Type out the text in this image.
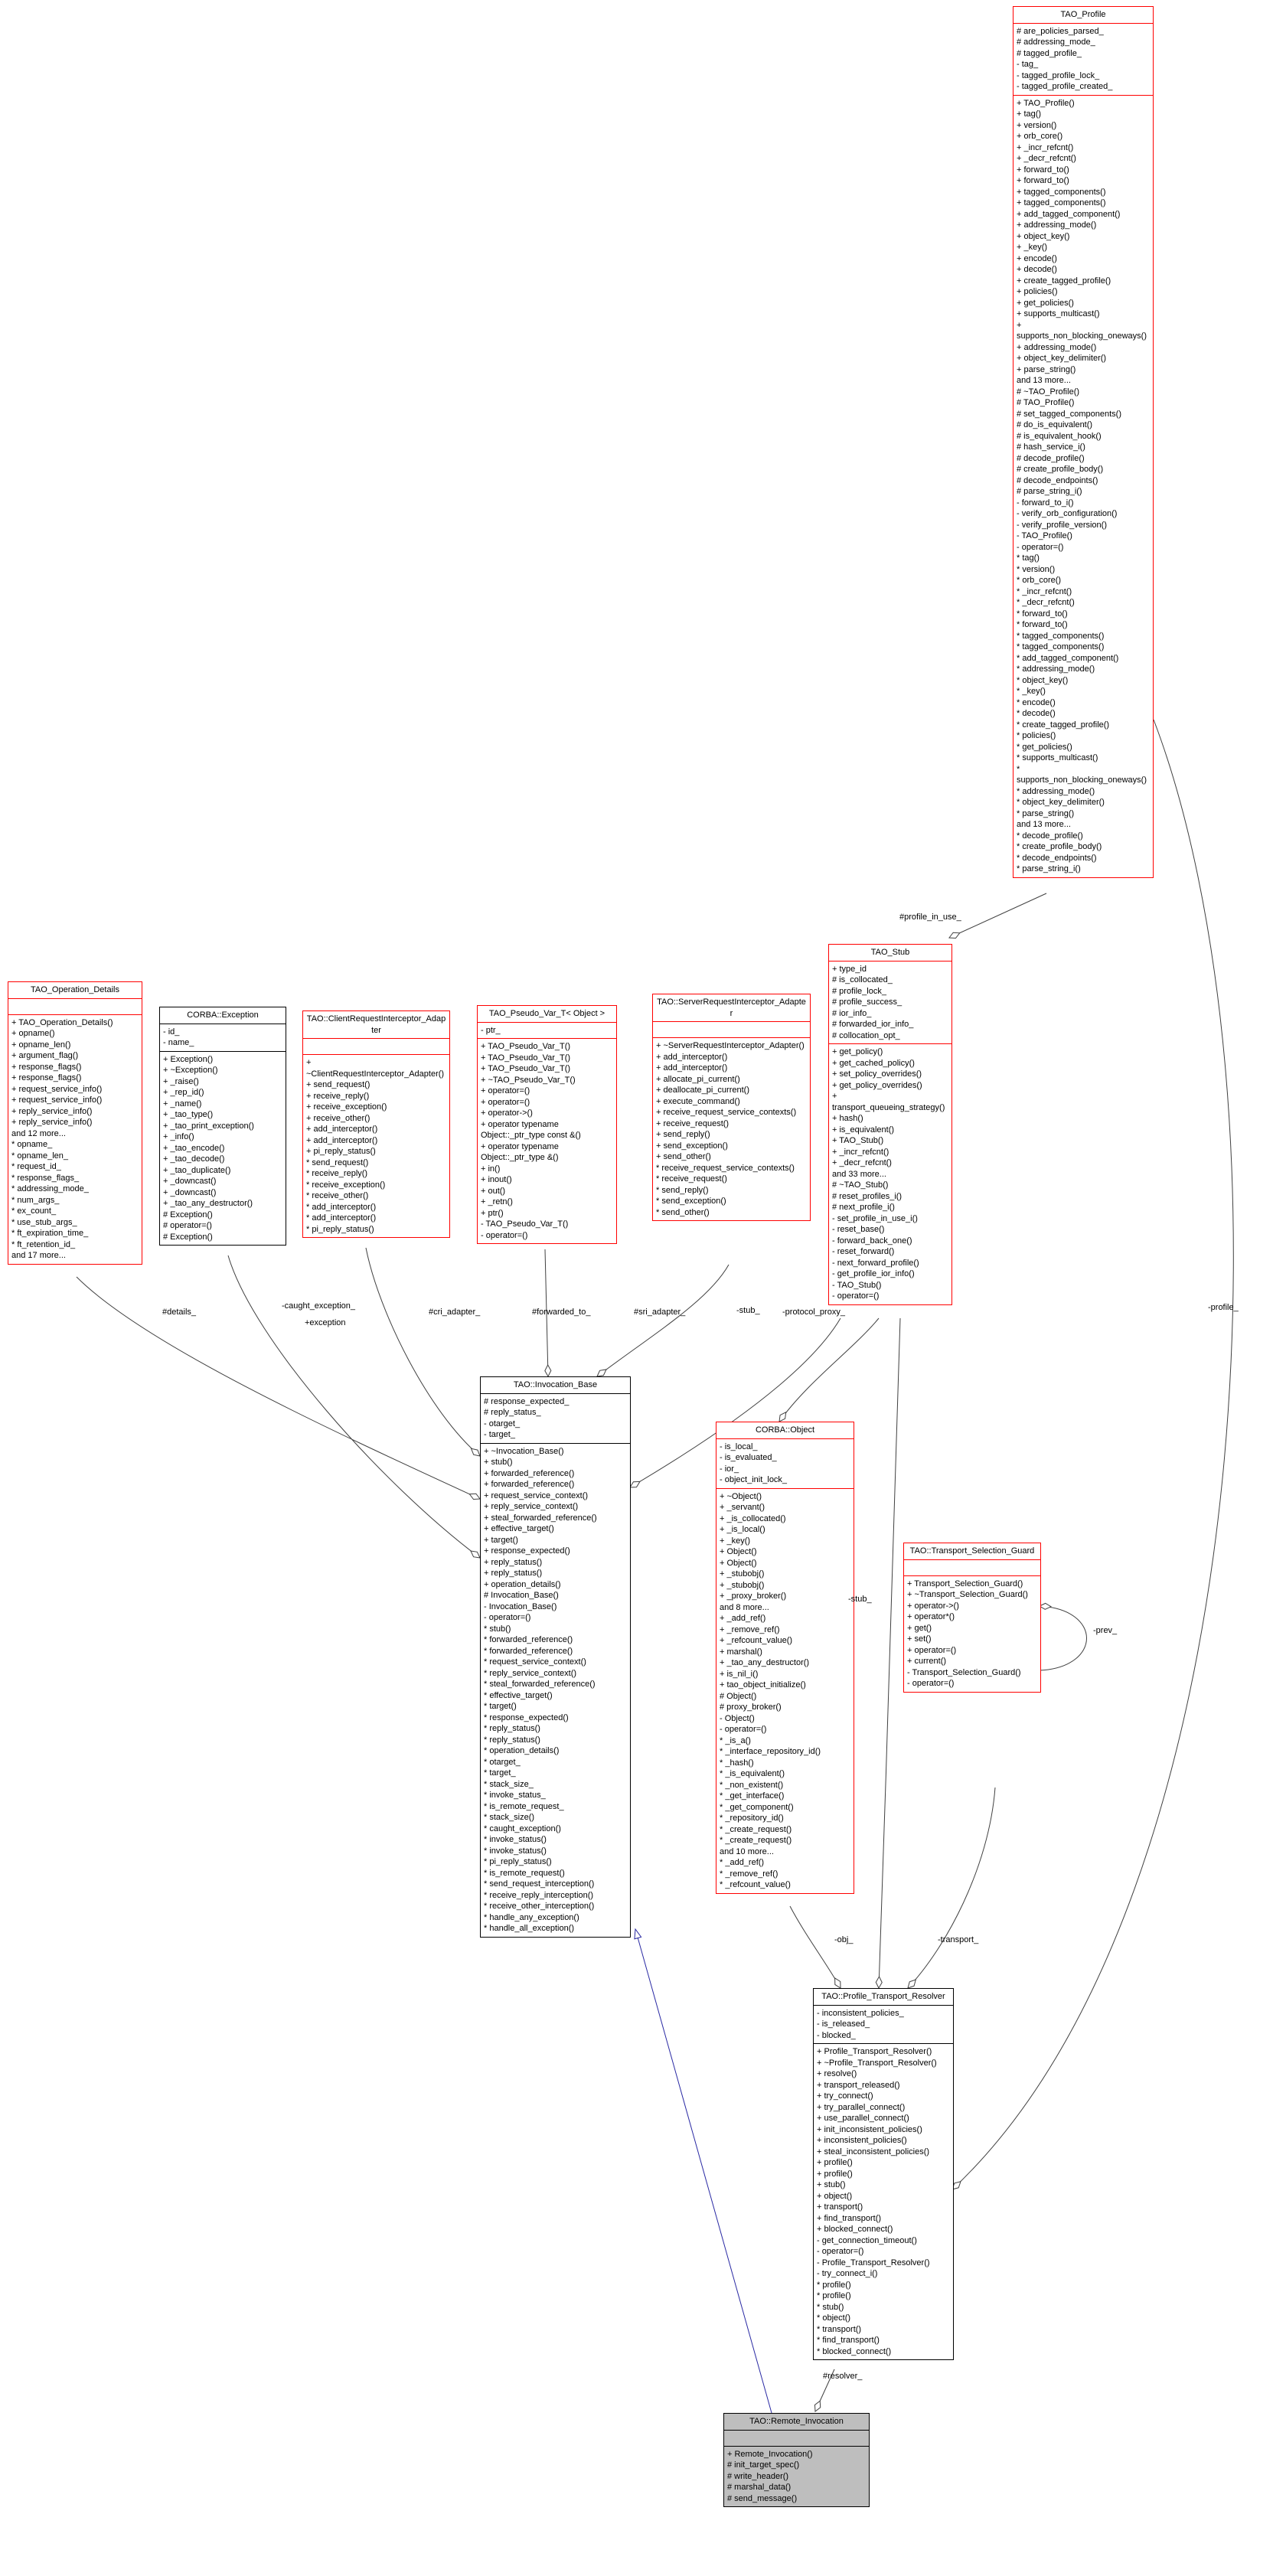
TAO_Profile
# are_policies_parsed_
# addressing_mode_
# tagged_profile_
- tag_
- tagged_profile_lock_
- tagged_profile_created_
+ TAO_Profile()
+ tag()
+ version()
+ orb_core()
+ _incr_refcnt()
+ _decr_refcnt()
+ forward_to()
+ forward_to()
+ tagged_components()
+ tagged_components()
+ add_tagged_component()
+ addressing_mode()
+ object_key()
+ _key()
+ encode()
+ decode()
+ create_tagged_profile()
+ policies()
+ get_policies()
+ supports_multicast()
+ supports_non_blocking_oneways()
+ addressing_mode()
+ object_key_delimiter()
+ parse_string()
and 13 more...
# ~TAO_Profile()
# TAO_Profile()
# set_tagged_components()
# do_is_equivalent()
# is_equivalent_hook()
# hash_service_i()
# decode_profile()
# create_profile_body()
# decode_endpoints()
# parse_string_i()
- forward_to_i()
- verify_orb_configuration()
- verify_profile_version()
- TAO_Profile()
- operator=()
* tag()
* version()
* orb_core()
* _incr_refcnt()
* _decr_refcnt()
* forward_to()
* forward_to()
* tagged_components()
* tagged_components()
* add_tagged_component()
* addressing_mode()
* object_key()
* _key()
* encode()
* decode()
* create_tagged_profile()
* policies()
* get_policies()
* supports_multicast()
* supports_non_blocking_oneways()
* addressing_mode()
* object_key_delimiter()
* parse_string()
and 13 more...
* decode_profile()
* create_profile_body()
* decode_endpoints()
* parse_string_i()
TAO_Stub
+ type_id
# is_collocated_
# profile_lock_
# profile_success_
# ior_info_
# forwarded_ior_info_
# collocation_opt_
+ get_policy()
+ get_cached_policy()
+ set_policy_overrides()
+ get_policy_overrides()
+ transport_queueing_strategy()
+ hash()
+ is_equivalent()
+ TAO_Stub()
+ _incr_refcnt()
+ _decr_refcnt()
and 33 more...
# ~TAO_Stub()
# reset_profiles_i()
# next_profile_i()
- set_profile_in_use_i()
- reset_base()
- forward_back_one()
- reset_forward()
- next_forward_profile()
- get_profile_ior_info()
- TAO_Stub()
- operator=()
TAO_Operation_Details
+ TAO_Operation_Details()
+ opname()
+ opname_len()
+ argument_flag()
+ response_flags()
+ response_flags()
+ request_service_info()
+ request_service_info()
+ reply_service_info()
+ reply_service_info()
and 12 more...
* opname_
* opname_len_
* request_id_
* response_flags_
* addressing_mode_
* num_args_
* ex_count_
* use_stub_args_
* ft_expiration_time_
* ft_retention_id_
and 17 more...
CORBA::Exception
- id_
- name_
+ Exception()
+ ~Exception()
+ _raise()
+ _rep_id()
+ _name()
+ _tao_type()
+ _tao_print_exception()
+ _info()
+ _tao_encode()
+ _tao_decode()
+ _tao_duplicate()
+ _downcast()
+ _downcast()
+ _tao_any_destructor()
# Exception()
# operator=()
# Exception()
TAO::ClientRequestInterceptor_Adapter
+ ~ClientRequestInterceptor_Adapter()
+ send_request()
+ receive_reply()
+ receive_exception()
+ receive_other()
+ add_interceptor()
+ add_interceptor()
+ pi_reply_status()
* send_request()
* receive_reply()
* receive_exception()
* receive_other()
* add_interceptor()
* add_interceptor()
* pi_reply_status()
TAO_Pseudo_Var_T< Object >
- ptr_
+ TAO_Pseudo_Var_T()
+ TAO_Pseudo_Var_T()
+ TAO_Pseudo_Var_T()
+ ~TAO_Pseudo_Var_T()
+ operator=()
+ operator=()
+ operator->()
+ operator typename Object::_ptr_type const &()
+ operator typename Object::_ptr_type &()
+ in()
+ inout()
+ out()
+ _retn()
+ ptr()
- TAO_Pseudo_Var_T()
- operator=()
TAO::ServerRequestInterceptor_Adapter
+ ~ServerRequestInterceptor_Adapter()
+ add_interceptor()
+ add_interceptor()
+ allocate_pi_current()
+ deallocate_pi_current()
+ execute_command()
+ receive_request_service_contexts()
+ receive_request()
+ send_reply()
+ send_exception()
+ send_other()
* receive_request_service_contexts()
* receive_request()
* send_reply()
* send_exception()
* send_other()
TAO::Invocation_Base
# response_expected_
# reply_status_
- otarget_
- target_
+ ~Invocation_Base()
+ stub()
+ forwarded_reference()
+ forwarded_reference()
+ request_service_context()
+ reply_service_context()
+ steal_forwarded_reference()
+ effective_target()
+ target()
+ response_expected()
+ reply_status()
+ reply_status()
+ operation_details()
# Invocation_Base()
- Invocation_Base()
- operator=()
* stub()
* forwarded_reference()
* forwarded_reference()
* request_service_context()
* reply_service_context()
* steal_forwarded_reference()
* effective_target()
* target()
* response_expected()
* reply_status()
* reply_status()
* operation_details()
* otarget_
* target_
* stack_size_
* invoke_status_
* is_remote_request_
* stack_size()
* caught_exception()
* invoke_status()
* invoke_status()
* pi_reply_status()
* is_remote_request()
* send_request_interception()
* receive_reply_interception()
* receive_other_interception()
* handle_any_exception()
* handle_all_exception()
CORBA::Object
- is_local_
- is_evaluated_
- ior_
- object_init_lock_
+ ~Object()
+ _servant()
+ _is_collocated()
+ _is_local()
+ _key()
+ Object()
+ Object()
+ _stubobj()
+ _stubobj()
+ _proxy_broker()
and 8 more...
+ _add_ref()
+ _remove_ref()
+ _refcount_value()
+ marshal()
+ _tao_any_destructor()
+ is_nil_i()
+ tao_object_initialize()
# Object()
# proxy_broker()
- Object()
- operator=()
* _is_a()
* _interface_repository_id()
* _hash()
* _is_equivalent()
* _non_existent()
* _get_interface()
* _get_component()
* _repository_id()
* _create_request()
* _create_request()
and 10 more...
* _add_ref()
* _remove_ref()
* _refcount_value()
TAO::Transport_Selection_Guard
+ Transport_Selection_Guard()
+ ~Transport_Selection_Guard()
+ operator->()
+ operator*()
+ get()
+ set()
+ operator=()
+ current()
- Transport_Selection_Guard()
- operator=()
TAO::Profile_Transport_Resolver
- inconsistent_policies_
- is_released_
- blocked_
+ Profile_Transport_Resolver()
+ ~Profile_Transport_Resolver()
+ resolve()
+ transport_released()
+ try_connect()
+ try_parallel_connect()
+ use_parallel_connect()
+ init_inconsistent_policies()
+ inconsistent_policies()
+ steal_inconsistent_policies()
+ profile()
+ profile()
+ stub()
+ object()
+ transport()
+ find_transport()
+ blocked_connect()
- get_connection_timeout()
- operator=()
- Profile_Transport_Resolver()
- try_connect_i()
* profile()
* profile()
* stub()
* object()
* transport()
* find_transport()
* blocked_connect()
TAO::Remote_Invocation
+ Remote_Invocation()
# init_target_spec()
# write_header()
# marshal_data()
# send_message()
#profile_in_use_
#details_
-caught_exception_
+exception
#cri_adapter_	#forwarded_to_	#sri_adapter_	-stub_	-protocol_proxy_	-profile_
-stub_
-prev_
-obj_	-transport_
#resolver_
